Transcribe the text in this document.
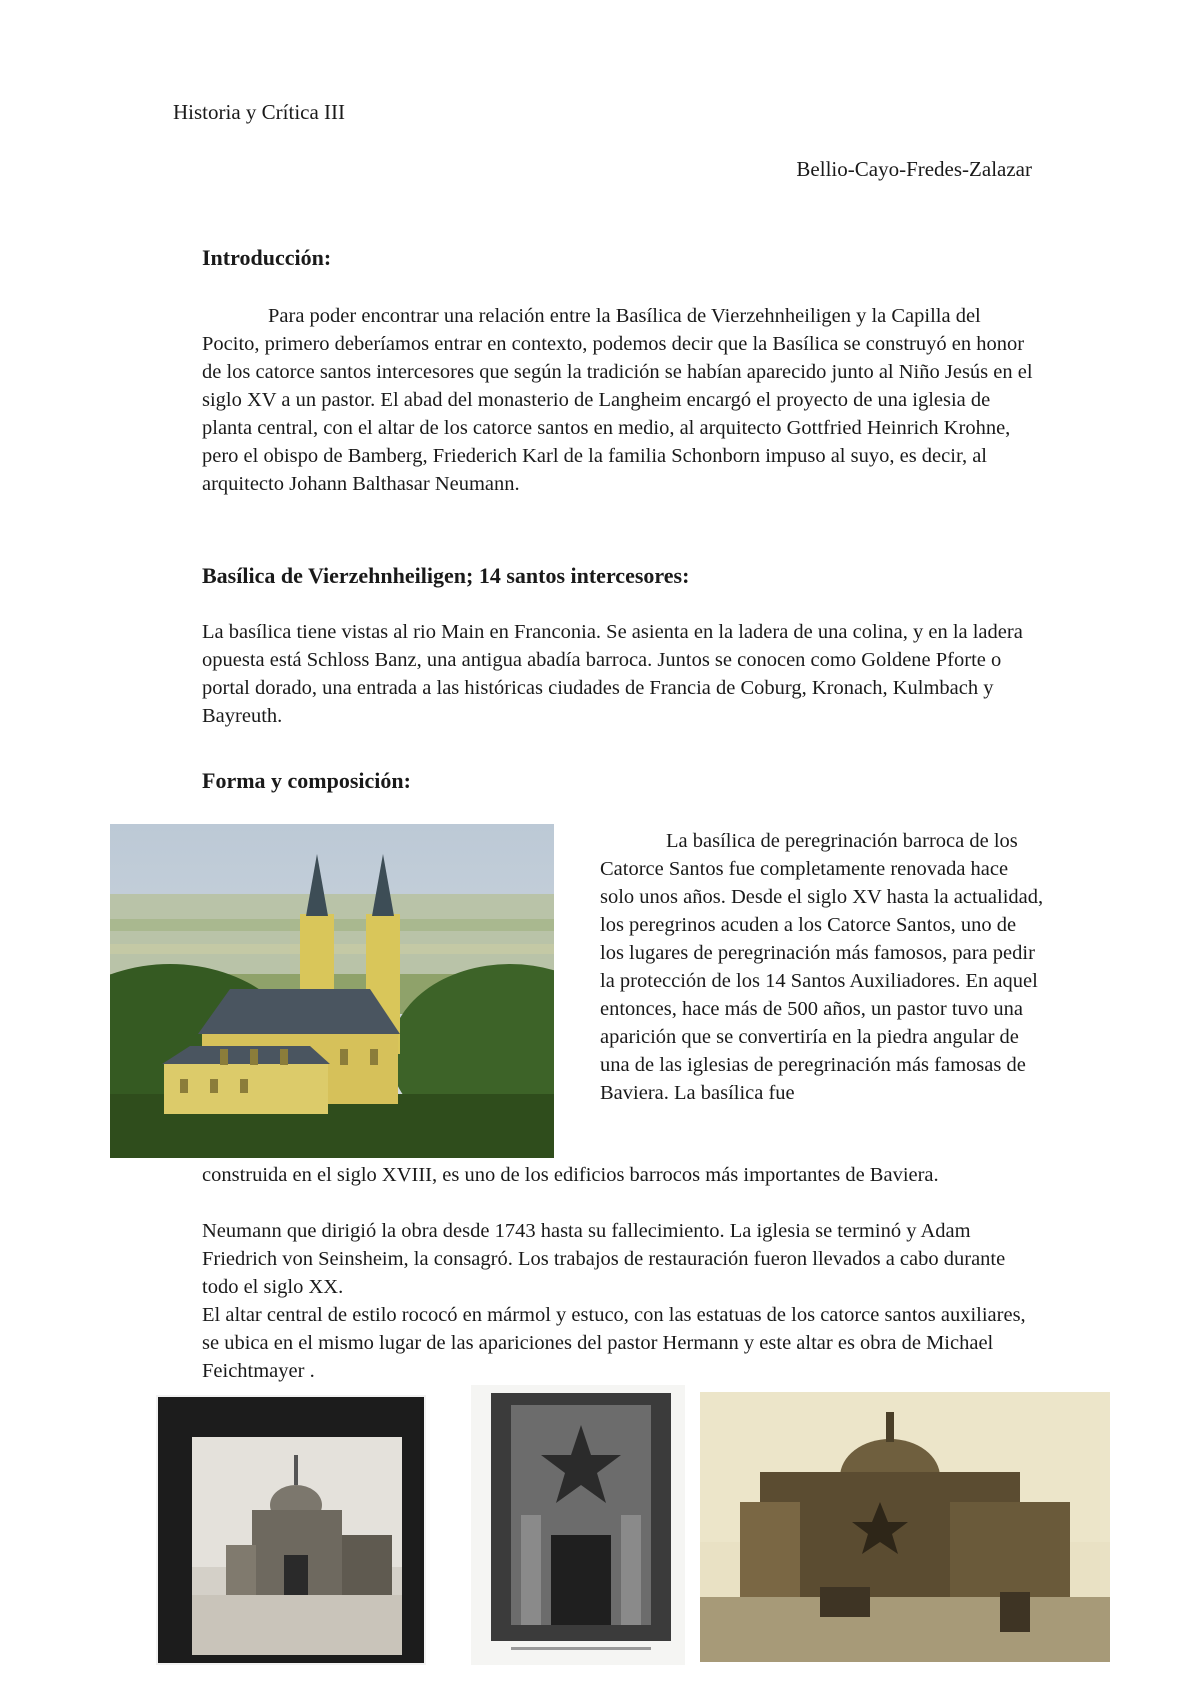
Historia y Crítica III
Bellio-Cayo-Fredes-Zalazar
Introducción:
Para poder encontrar una relación entre la Basílica de Vierzehnheiligen y la Capilla del Pocito, primero deberíamos entrar en contexto, podemos decir que la Basílica se construyó en honor de los catorce santos intercesores que según la tradición se habían aparecido junto al Niño Jesús en el siglo XV a un pastor. El abad del monasterio de Langheim encargó el proyecto de una iglesia de planta central, con el altar de los catorce santos en medio, al arquitecto Gottfried Heinrich Krohne, pero el obispo de Bamberg, Friederich Karl de la familia Schonborn impuso al suyo, es decir, al arquitecto Johann Balthasar Neumann.
Basílica de Vierzehnheiligen; 14 santos intercesores:
La basílica tiene vistas al rio Main en Franconia. Se asienta en la ladera de una colina, y en la ladera opuesta está Schloss Banz, una antigua abadía barroca. Juntos se conocen como Goldene Pforte o portal dorado, una entrada a las históricas ciudades de Francia de Coburg, Kronach, Kulmbach y Bayreuth.
Forma y composición:
La basílica de peregrinación barroca de los Catorce Santos fue completamente renovada hace solo unos años. Desde el siglo XV hasta la actualidad, los peregrinos acuden a los Catorce Santos, uno de los lugares de peregrinación más famosos, para pedir la protección de los 14 Santos Auxiliadores. En aquel entonces, hace más de 500 años, un pastor tuvo una aparición que se convertiría en la piedra angular de una de las iglesias de peregrinación más famosas de Baviera. La basílica fue
construida en el siglo XVIII, es uno de los edificios barrocos más importantes de Baviera.
Neumann que dirigió la obra desde 1743 hasta su fallecimiento. La iglesia se terminó y Adam Friedrich von Seinsheim, la consagró. Los trabajos de restauración fueron llevados a cabo durante todo el siglo XX.
El altar central de estilo rococó en mármol y estuco, con las estatuas de los catorce santos auxiliares, se ubica en el mismo lugar de las apariciones del pastor Hermann y este altar es obra de Michael Feichtmayer .
